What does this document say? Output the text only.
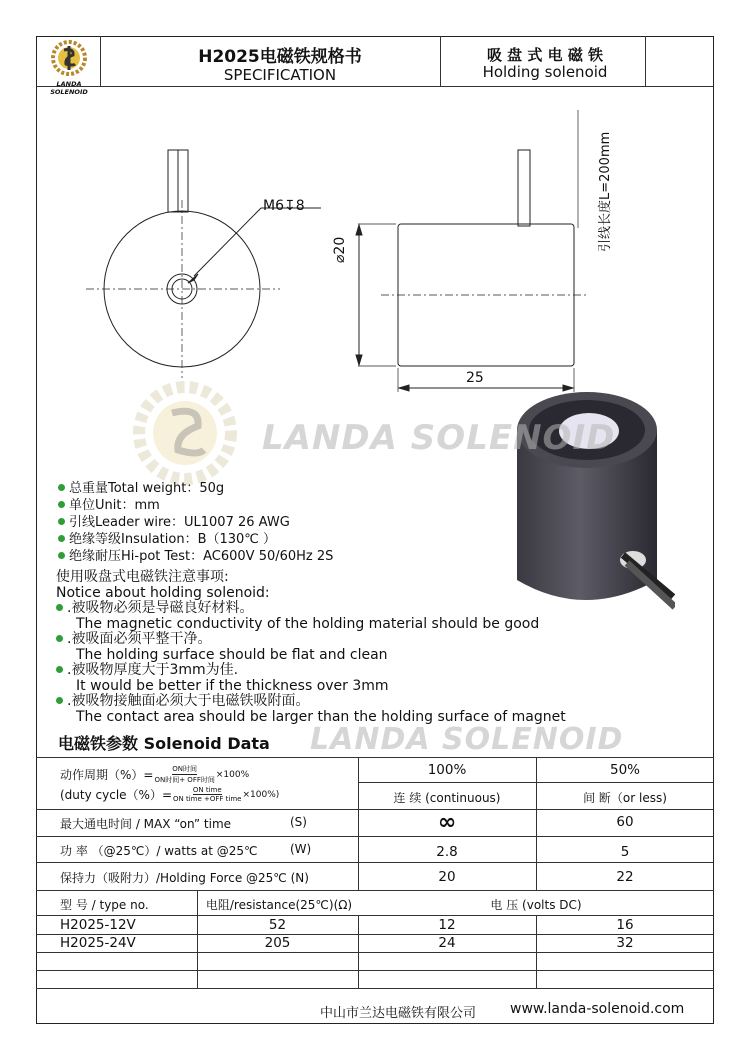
LANDA SOLENOID
H2025电磁铁规格书
SPECIFICATION
吸 盘 式 电 磁 铁
Holding solenoid
M6↧8
⌀20
25
引线长度L=200mm
LANDA SOLENOID
LANDA SOLENOID
总重量Total weight：50g
单位Unit：mm
引线Leader wire：UL1007 26 AWG
绝缘等级Insulation：B（130℃ ）
绝缘耐压Hi-pot Test：AC600V 50/60Hz 2S
使用吸盘式电磁铁注意事项:
Notice about holding solenoid:
.被吸物必须是导磁良好材料。
The magnetic conductivity of the holding material should be good
.被吸面必须平整干净。
The holding surface should be flat and clean
.被吸物厚度大于3mm为佳.
It would be better if the thickness over 3mm
.被吸物接触面必须大于电磁铁吸附面。
The contact area should be larger than the holding surface of magnet
电磁铁参数 Solenoid Data
动作周期（%）=	ON时间
ON时间+ OFF时间
×100%
(duty cycle（%）=	ON time
ON time +OFF time ×100%)
100%	50%
连 续 (continuous)	间 断（or less)
最大通电时间 / MAX “on” time	(S)	∞	60
功 率 （@25℃）/ watts at @25℃	(W)	2.8	5
保持力（吸附力）/Holding Force @25℃ (N)	20	22
型 号 / type no.	电阻/resistance(25℃)(Ω)	电 压 (volts DC)
H2025-12V	52	12	16
H2025-24V	205	24	32
中山市兰达电磁铁有限公司 www.landa-solenoid.com
